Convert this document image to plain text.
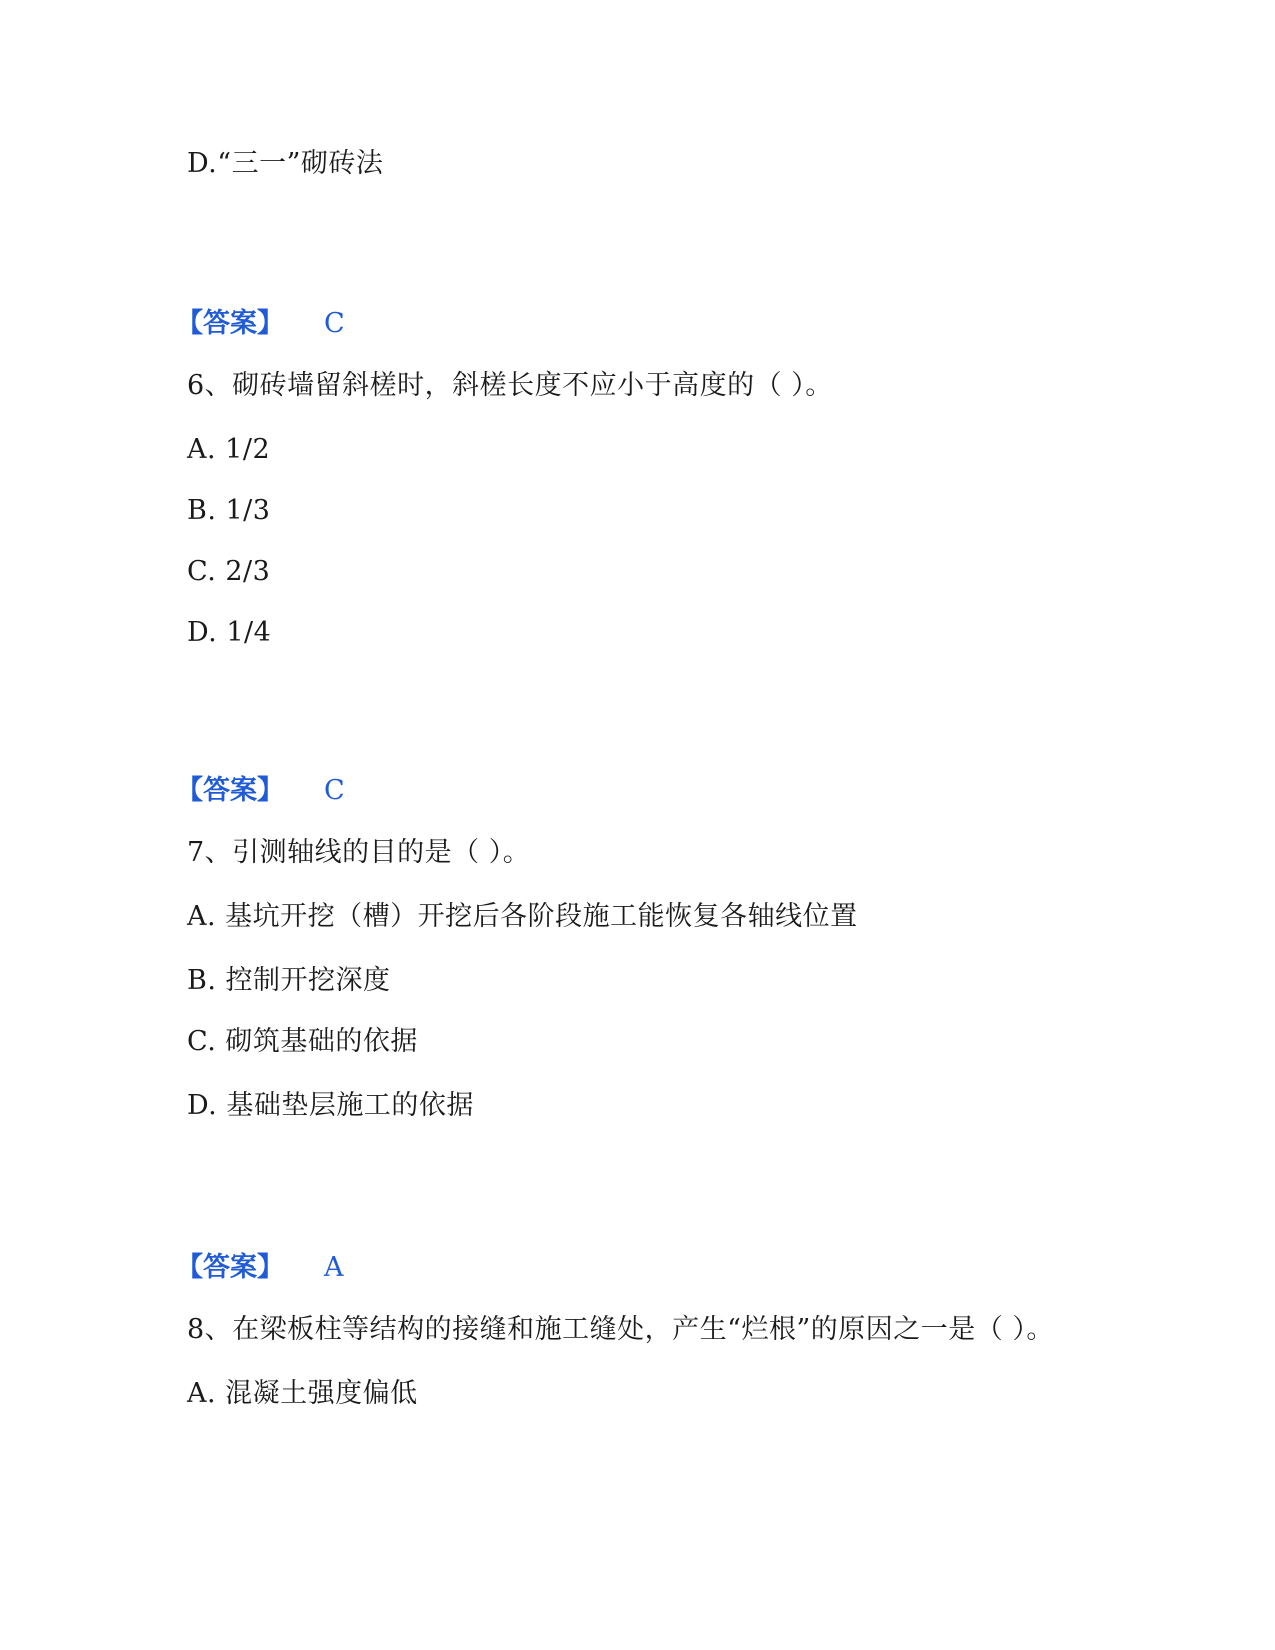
D.“三一”砌砖法
【答案】 C
6、砌砖墙留斜槎时，斜槎长度不应小于高度的（ ）。
A. 1/2
B. 1/3
C. 2/3
D. 1/4
【答案】 C
7、引测轴线的目的是（ ）。
A. 基坑开挖（槽）开挖后各阶段施工能恢复各轴线位置
B. 控制开挖深度
C. 砌筑基础的依据
D. 基础垫层施工的依据
【答案】 A
8、在梁板柱等结构的接缝和施工缝处，产生“烂根”的原因之一是（ ）。
A. 混凝土强度偏低
